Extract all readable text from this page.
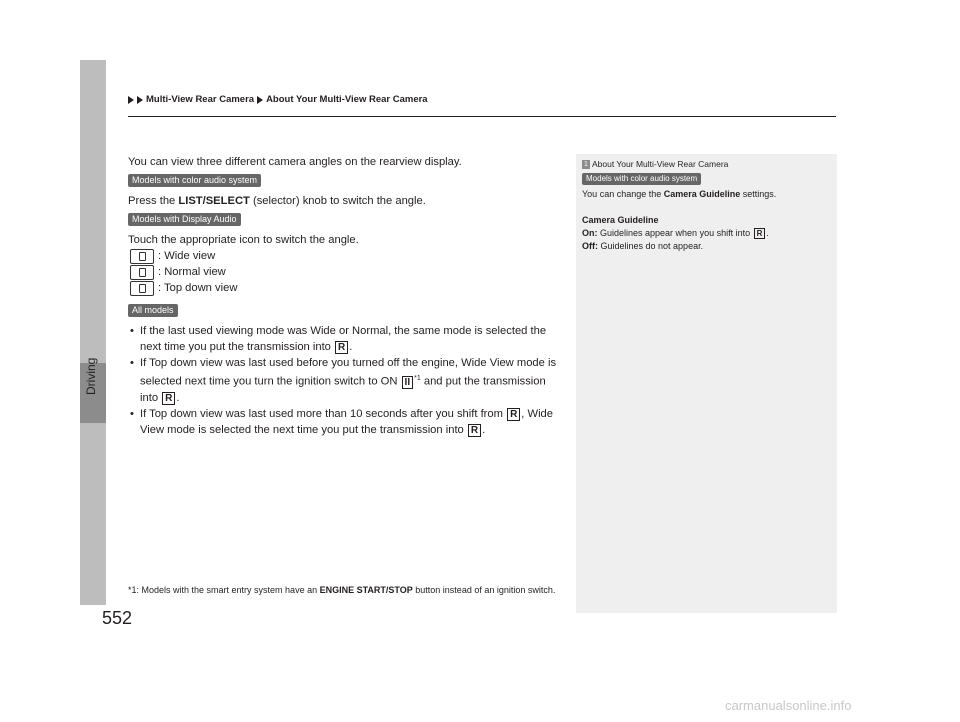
Driving
552
Multi-View Rear Camera About Your Multi-View Rear Camera

You can view three different camera angles on the rearview display.

Models with color audio system

Press the LIST/SELECT (selector) knob to switch the angle.

Models with Display Audio

Touch the appropriate icon to switch the angle.

: Wide view
: Normal view
: Top down view
All models
• If the last used viewing mode was Wide or Normal, the same mode is selected the next time you put the transmission into R .
• If Top down view was last used before you turned off the engine, Wide View mode is selected next time you turn the ignition switch to ON II $^{*1}$ and put the transmission into R .
• If Top down view was last used more than 10 seconds after you shift from R , Wide View mode is selected the next time you put the transmission into R .
*1: Models with the smart entry system have an ENGINE START/STOP button instead of an ignition switch.
1 About Your Multi-View Rear Camera
Models with color audio system

You can change the Camera Guideline settings.

Camera Guideline

On: Guidelines appear when you shift into R .

Off: Guidelines do not appear.

carmanualsonline.info
